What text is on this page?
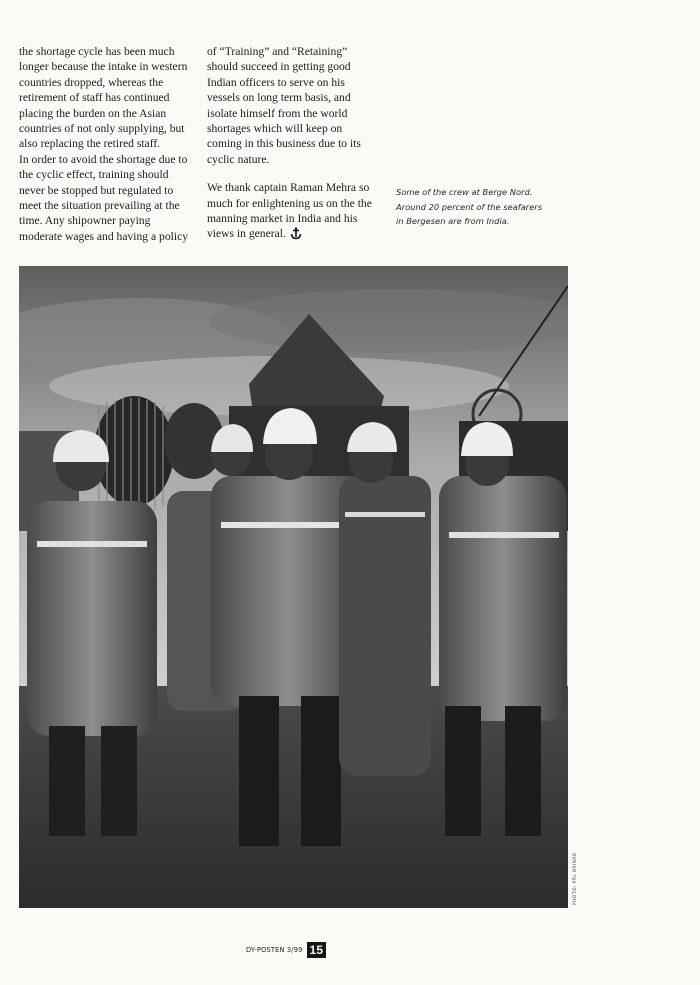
the shortage cycle has been much longer because the intake in western countries dropped, whereas the retirement of staff has continued placing the burden on the Asian countries of not only supplying, but also replacing the retired staff.

In order to avoid the shortage due to the cyclic effect, training should never be stopped but regulated to meet the situation prevailing at the time. Any shipowner paying moderate wages and having a policy

of “Training” and “Retaining” should succeed in getting good Indian officers to serve on his vessels on long term basis, and isolate himself from the world shortages which will keep on coming in this business due to its cyclic nature.

We thank captain Raman Mehra so much for enlightening us on the the manning market in India and his views in general.

Some of the crew at Berge Nord.
Around 20 percent of the seafarers
in Bergesen are from India.
PHOTO: PÅL BRINAR
DY-POSTEN 3/99 15
